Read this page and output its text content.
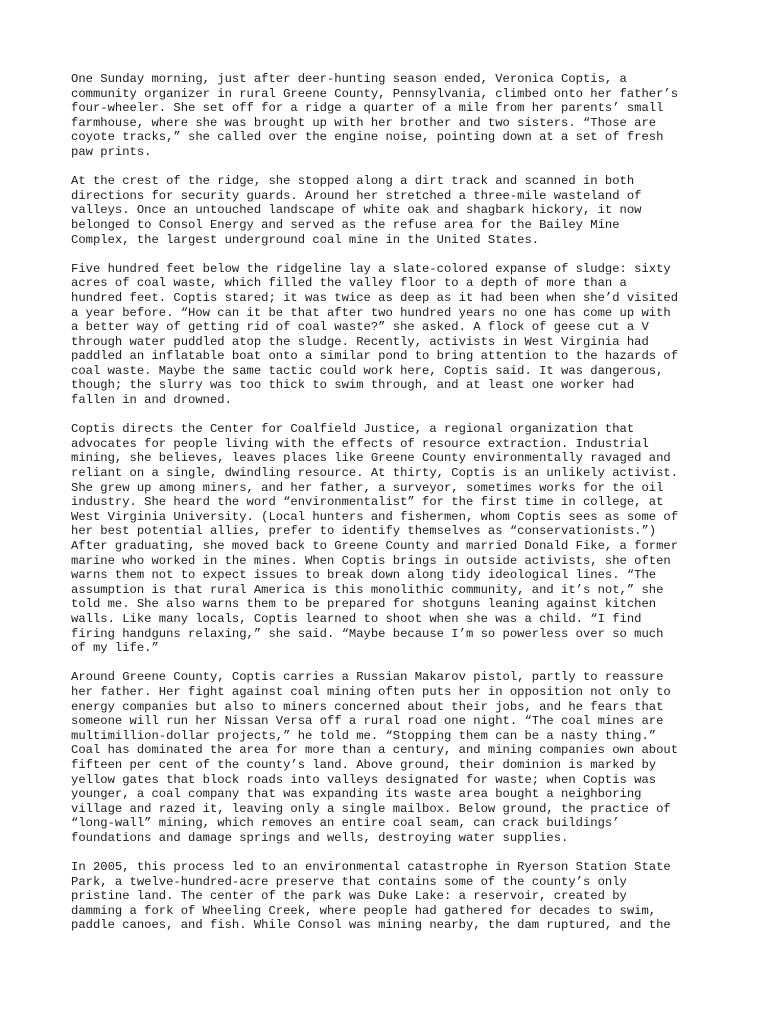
One Sunday morning, just after deer-hunting season ended, Veronica Coptis, a
community organizer in rural Greene County, Pennsylvania, climbed onto her father’s
four-wheeler. She set off for a ridge a quarter of a mile from her parents’ small
farmhouse, where she was brought up with her brother and two sisters. “Those are
coyote tracks,” she called over the engine noise, pointing down at a set of fresh
paw prints.

At the crest of the ridge, she stopped along a dirt track and scanned in both
directions for security guards. Around her stretched a three-mile wasteland of
valleys. Once an untouched landscape of white oak and shagbark hickory, it now
belonged to Consol Energy and served as the refuse area for the Bailey Mine
Complex, the largest underground coal mine in the United States.

Five hundred feet below the ridgeline lay a slate-colored expanse of sludge: sixty
acres of coal waste, which filled the valley floor to a depth of more than a
hundred feet. Coptis stared; it was twice as deep as it had been when she’d visited
a year before. “How can it be that after two hundred years no one has come up with
a better way of getting rid of coal waste?” she asked. A flock of geese cut a V
through water puddled atop the sludge. Recently, activists in West Virginia had
paddled an inflatable boat onto a similar pond to bring attention to the hazards of
coal waste. Maybe the same tactic could work here, Coptis said. It was dangerous,
though; the slurry was too thick to swim through, and at least one worker had
fallen in and drowned.

Coptis directs the Center for Coalfield Justice, a regional organization that
advocates for people living with the effects of resource extraction. Industrial
mining, she believes, leaves places like Greene County environmentally ravaged and
reliant on a single, dwindling resource. At thirty, Coptis is an unlikely activist.
She grew up among miners, and her father, a surveyor, sometimes works for the oil
industry. She heard the word “environmentalist” for the first time in college, at
West Virginia University. (Local hunters and fishermen, whom Coptis sees as some of
her best potential allies, prefer to identify themselves as “conservationists.”)
After graduating, she moved back to Greene County and married Donald Fike, a former
marine who worked in the mines. When Coptis brings in outside activists, she often
warns them not to expect issues to break down along tidy ideological lines. “The
assumption is that rural America is this monolithic community, and it’s not,” she
told me. She also warns them to be prepared for shotguns leaning against kitchen
walls. Like many locals, Coptis learned to shoot when she was a child. “I find
firing handguns relaxing,” she said. “Maybe because I’m so powerless over so much
of my life.”

Around Greene County, Coptis carries a Russian Makarov pistol, partly to reassure
her father. Her fight against coal mining often puts her in opposition not only to
energy companies but also to miners concerned about their jobs, and he fears that
someone will run her Nissan Versa off a rural road one night. “The coal mines are
multimillion-dollar projects,” he told me. “Stopping them can be a nasty thing.”
Coal has dominated the area for more than a century, and mining companies own about
fifteen per cent of the county’s land. Above ground, their dominion is marked by
yellow gates that block roads into valleys designated for waste; when Coptis was
younger, a coal company that was expanding its waste area bought a neighboring
village and razed it, leaving only a single mailbox. Below ground, the practice of
“long-wall” mining, which removes an entire coal seam, can crack buildings’
foundations and damage springs and wells, destroying water supplies.

In 2005, this process led to an environmental catastrophe in Ryerson Station State
Park, a twelve-hundred-acre preserve that contains some of the county’s only
pristine land. The center of the park was Duke Lake: a reservoir, created by
damming a fork of Wheeling Creek, where people had gathered for decades to swim,
paddle canoes, and fish. While Consol was mining nearby, the dam ruptured, and the
